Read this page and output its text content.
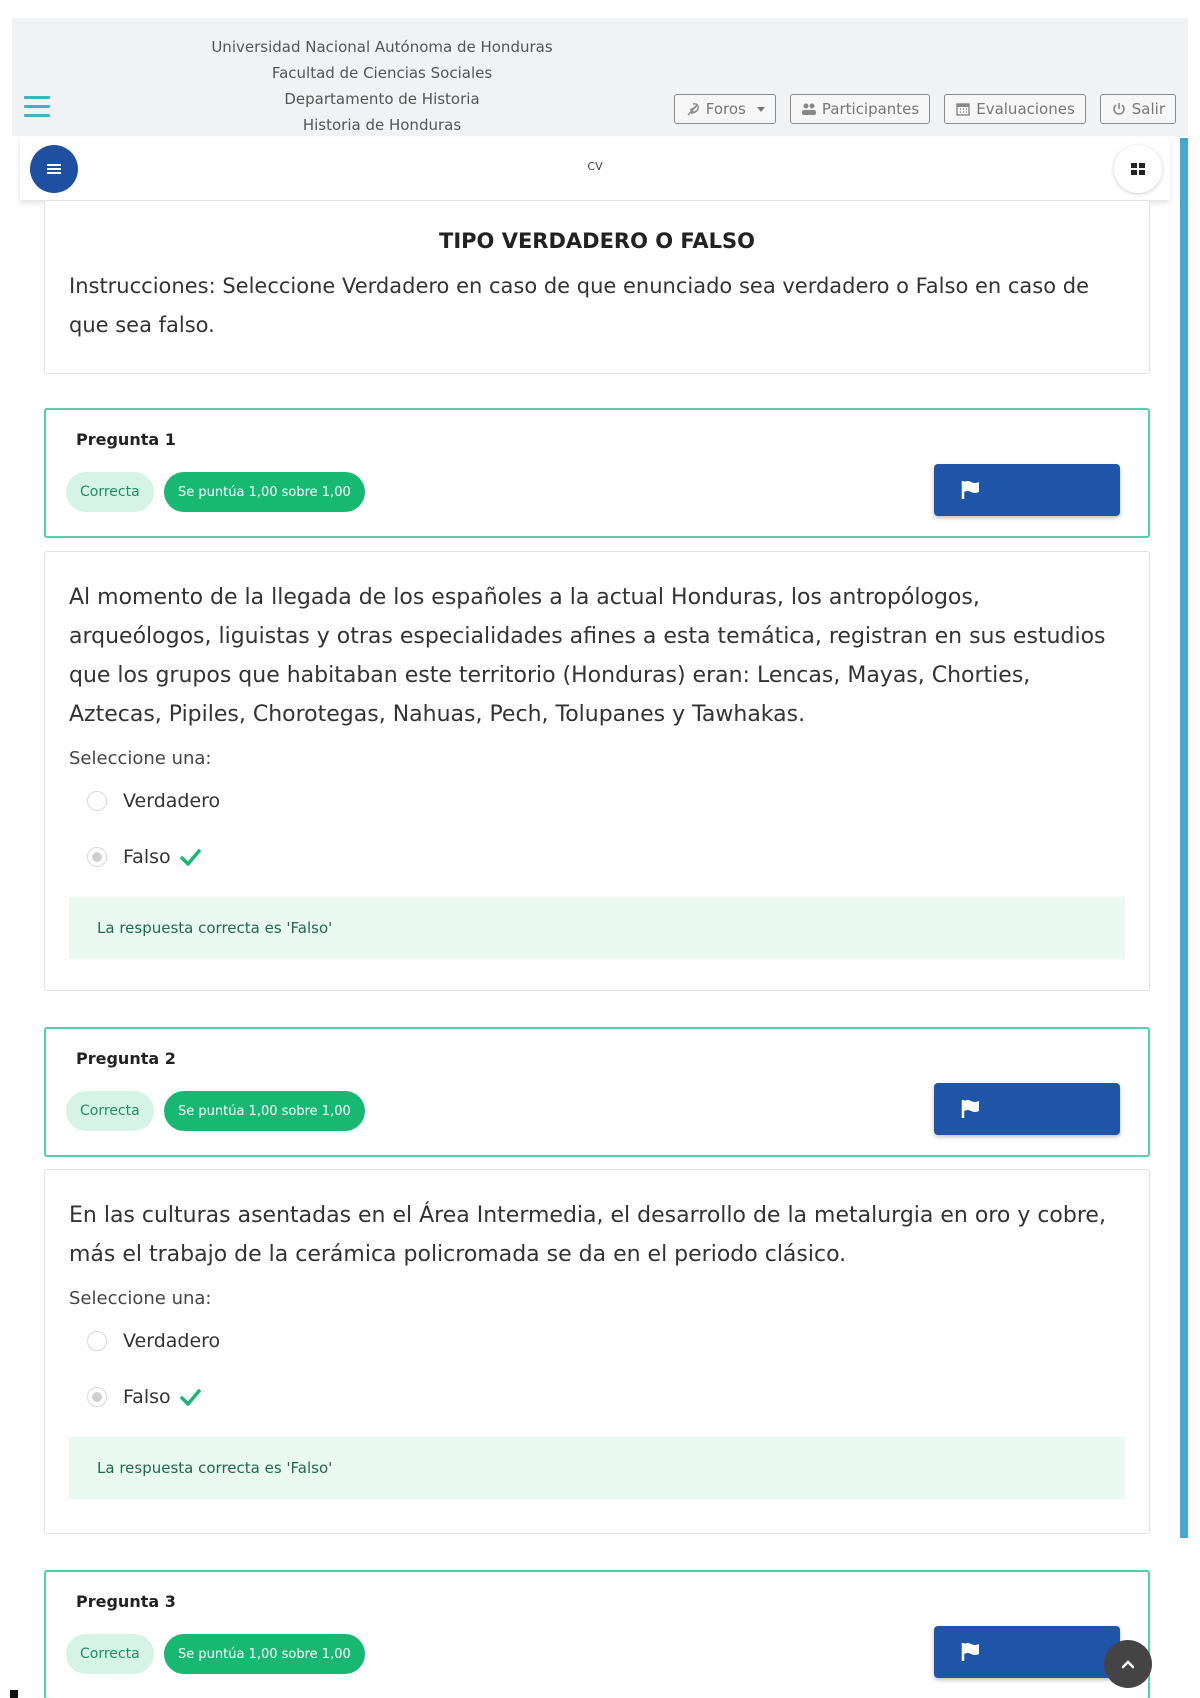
Universidad Nacional Autónoma de Honduras
Facultad de Ciencias Sociales
Departamento de Historia
Historia de Honduras
Foros	Participantes	Evaluaciones	Salir
CV
TIPO VERDADERO O FALSO
Instrucciones: Seleccione Verdadero en caso de que enunciado sea verdadero o Falso en caso de que sea falso.
Pregunta 1
Correcta	Se puntúa 1,00 sobre 1,00
Al momento de la llegada de los españoles a la actual Honduras, los antropólogos, arqueólogos, liguistas y otras especialidades afines a esta temática, registran en sus estudios que los grupos que habitaban este territorio (Honduras) eran: Lencas, Mayas, Chorties, Aztecas, Pipiles, Chorotegas, Nahuas, Pech, Tolupanes y Tawhakas.
Seleccione una:
Verdadero
Falso
La respuesta correcta es 'Falso'
Pregunta 2
Correcta	Se puntúa 1,00 sobre 1,00
En las culturas asentadas en el Área Intermedia, el desarrollo de la metalurgia en oro y cobre, más el trabajo de la cerámica policromada se da en el periodo clásico.
Seleccione una:
Verdadero
Falso
La respuesta correcta es 'Falso'
Pregunta 3
Correcta	Se puntúa 1,00 sobre 1,00
